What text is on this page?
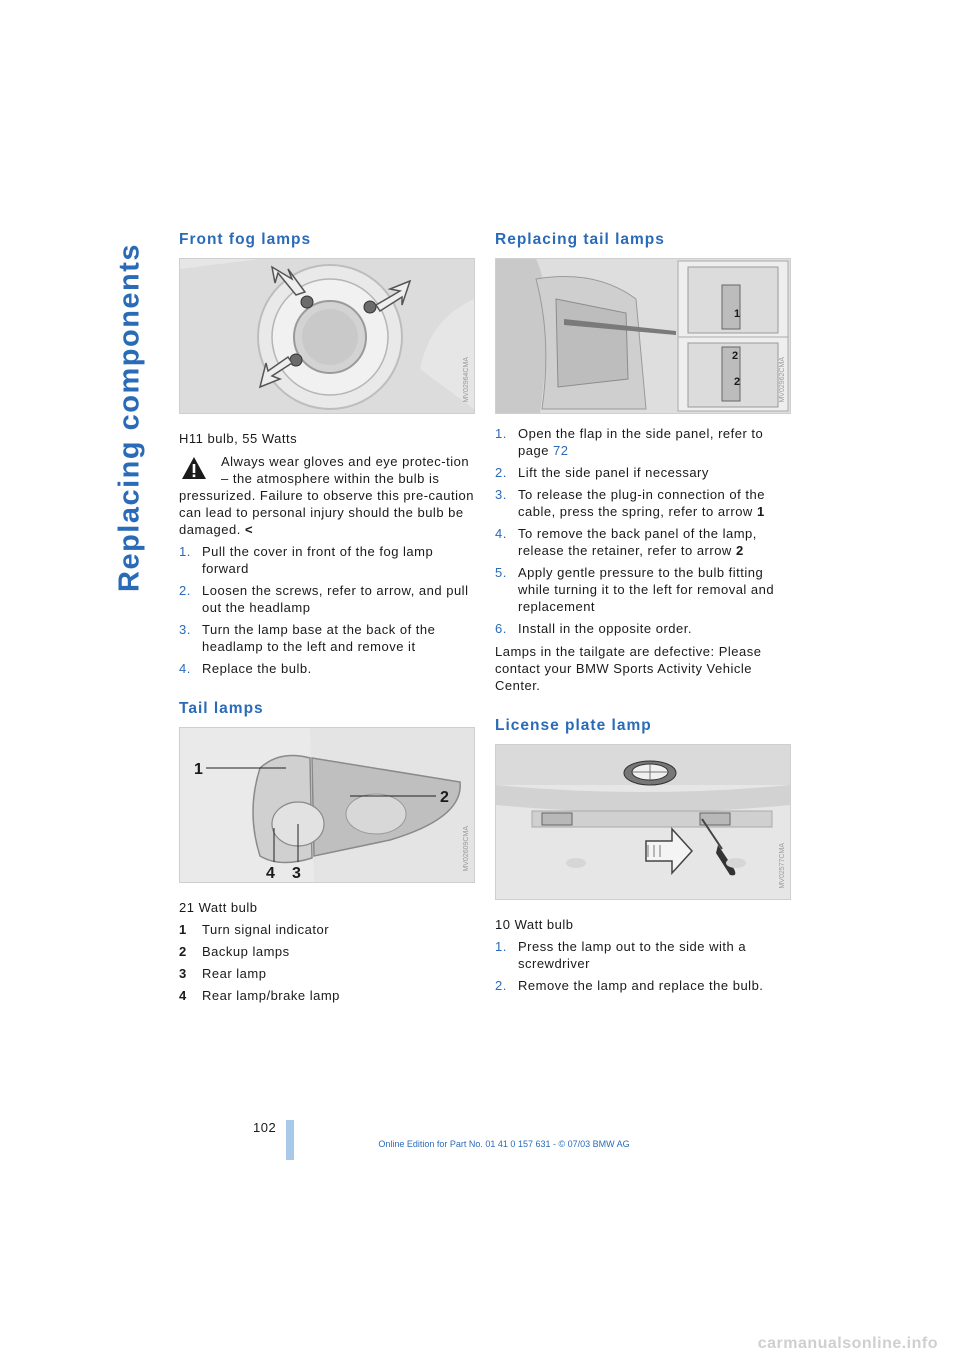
Replacing components
Front fog lamps
MV02964CMA

H11 bulb, 55 Watts

Always wear gloves and eye protec-tion – the atmosphere within the bulb is pressurized. Failure to observe this pre-caution can lead to personal injury should the bulb be damaged. <
1. Pull the cover in front of the fog lamp forward
2. Loosen the screws, refer to arrow, and pull out the headlamp
3. Turn the lamp base at the back of the headlamp to the left and remove it
4. Replace the bulb.
Tail lamps
1
2
4 3
MV02609CMA

21 Watt bulb

1 Turn signal indicator
2 Backup lamps
3 Rear lamp
4 Rear lamp/brake lamp
Replacing tail lamps
1
2
2	MV02962CMA
1. Open the flap in the side panel, refer to page 72
2. Lift the side panel if necessary
3. To release the plug-in connection of the cable, press the spring, refer to arrow 1
4. To remove the back panel of the lamp, release the retainer, refer to arrow 2
5. Apply gentle pressure to the bulb fitting while turning it to the left for removal and replacement
6. Install in the opposite order.

Lamps in the tailgate are defective: Please contact your BMW Sports Activity Vehicle Center.

License plate lamp
MV02577CMA

10 Watt bulb

1. Press the lamp out to the side with a screwdriver
2. Remove the lamp and replace the bulb.
102
Online Edition for Part No. 01 41 0 157 631 - © 07/03 BMW AG
carmanualsonline.info
